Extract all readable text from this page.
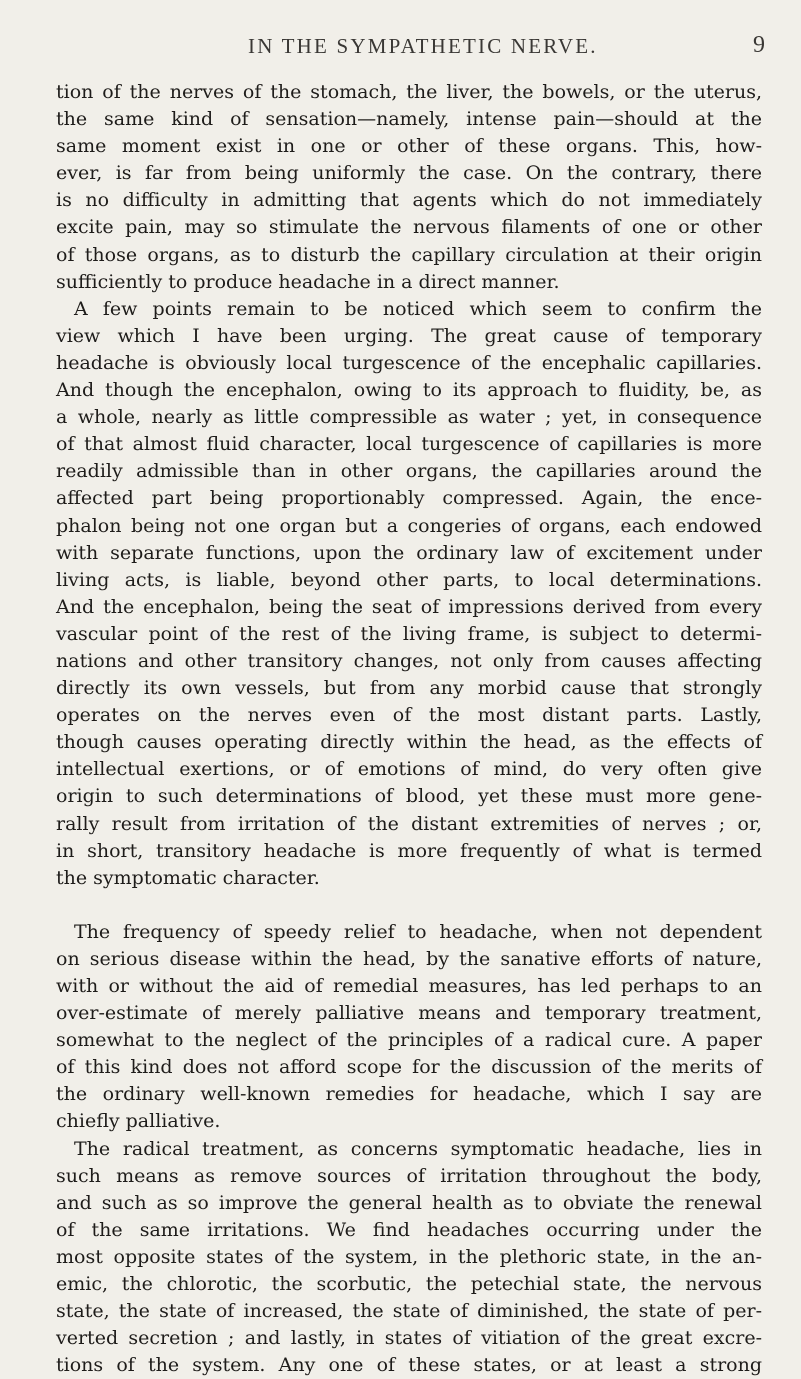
IN THE SYMPATHETIC NERVE.	9
tion of the nerves of the stomach, the liver, the bowels, or the uterus,
the same kind of sensation—namely, intense pain—should at the
same moment exist in one or other of these organs. This, how-
ever, is far from being uniformly the case. On the contrary, there
is no difficulty in admitting that agents which do not immediately
excite pain, may so stimulate the nervous filaments of one or other
of those organs, as to disturb the capillary circulation at their origin
sufficiently to produce headache in a direct manner.
A few points remain to be noticed which seem to confirm the
view which I have been urging. The great cause of temporary
headache is obviously local turgescence of the encephalic capillaries.
And though the encephalon, owing to its approach to fluidity, be, as
a whole, nearly as little compressible as water ; yet, in consequence
of that almost fluid character, local turgescence of capillaries is more
readily admissible than in other organs, the capillaries around the
affected part being proportionably compressed. Again, the ence-
phalon being not one organ but a congeries of organs, each endowed
with separate functions, upon the ordinary law of excitement under
living acts, is liable, beyond other parts, to local determinations.
And the encephalon, being the seat of impressions derived from every
vascular point of the rest of the living frame, is subject to determi-
nations and other transitory changes, not only from causes affecting
directly its own vessels, but from any morbid cause that strongly
operates on the nerves even of the most distant parts. Lastly,
though causes operating directly within the head, as the effects of
intellectual exertions, or of emotions of mind, do very often give
origin to such determinations of blood, yet these must more gene-
rally result from irritation of the distant extremities of nerves ; or,
in short, transitory headache is more frequently of what is termed
the symptomatic character.
The frequency of speedy relief to headache, when not dependent
on serious disease within the head, by the sanative efforts of nature,
with or without the aid of remedial measures, has led perhaps to an
over-estimate of merely palliative means and temporary treatment,
somewhat to the neglect of the principles of a radical cure. A paper
of this kind does not afford scope for the discussion of the merits of
the ordinary well-known remedies for headache, which I say are
chiefly palliative.
The radical treatment, as concerns symptomatic headache, lies in
such means as remove sources of irritation throughout the body,
and such as so improve the general health as to obviate the renewal
of the same irritations. We find headaches occurring under the
most opposite states of the system, in the plethoric state, in the an-
emic, the chlorotic, the scorbutic, the petechial state, the nervous
state, the state of increased, the state of diminished, the state of per-
verted secretion ; and lastly, in states of vitiation of the great excre-
tions of the system. Any one of these states, or at least a strong
